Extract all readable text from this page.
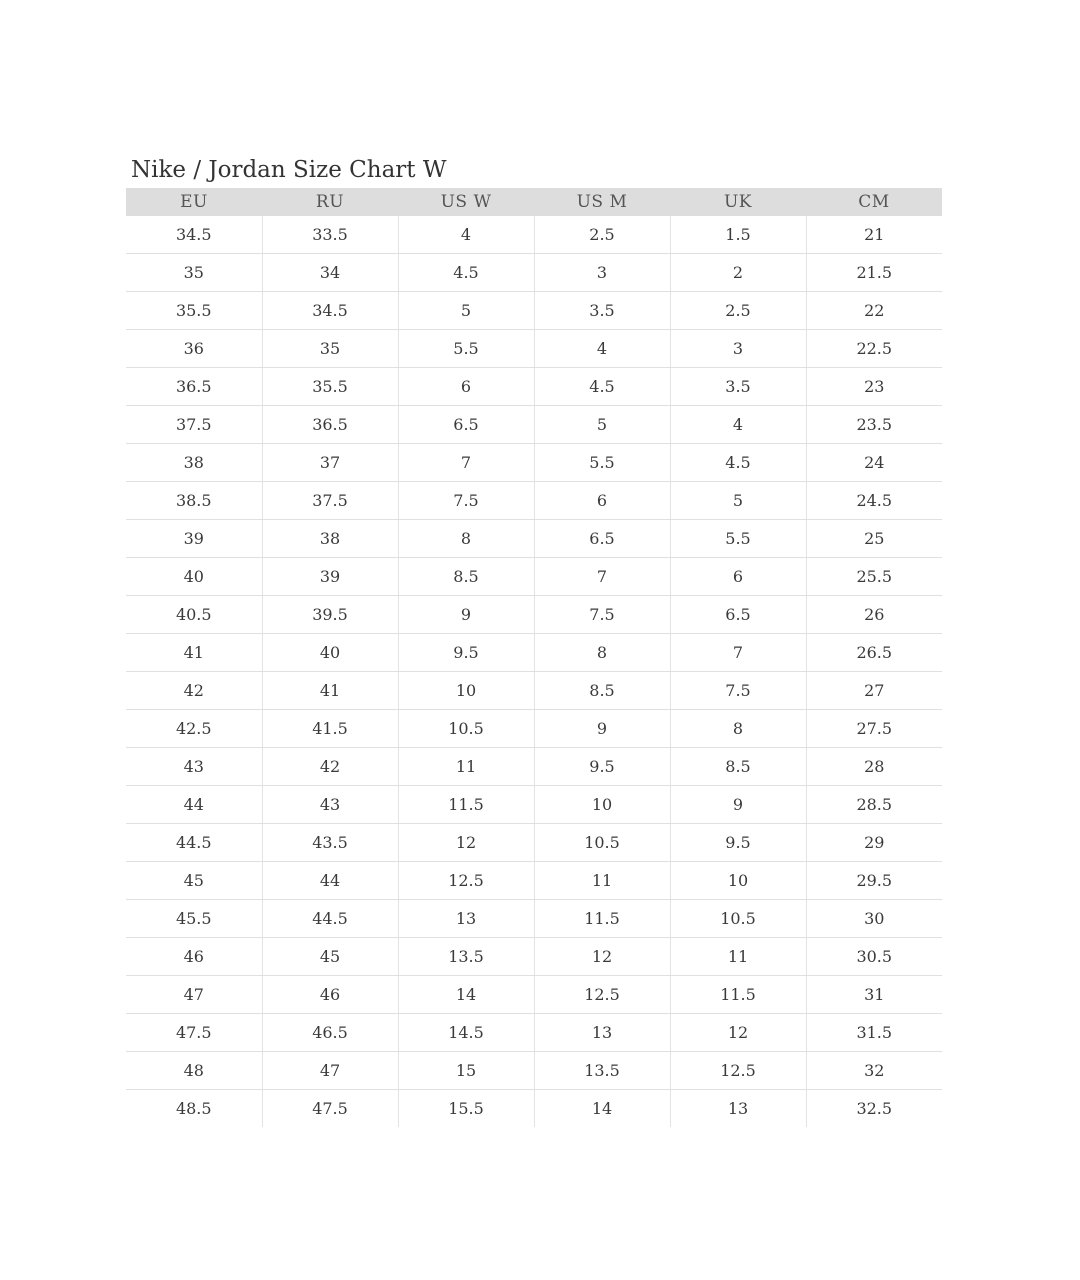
Nike / Jordan Size Chart W
EU	RU	US W	US M	UK	CM
34.5	33.5	4	2.5	1.5	21
35	34	4.5	3	2	21.5
35.5	34.5	5	3.5	2.5	22
36	35	5.5	4	3	22.5
36.5	35.5	6	4.5	3.5	23
37.5	36.5	6.5	5	4	23.5
38	37	7	5.5	4.5	24
38.5	37.5	7.5	6	5	24.5
39	38	8	6.5	5.5	25
40	39	8.5	7	6	25.5
40.5	39.5	9	7.5	6.5	26
41	40	9.5	8	7	26.5
42	41	10	8.5	7.5	27
42.5	41.5	10.5	9	8	27.5
43	42	11	9.5	8.5	28
44	43	11.5	10	9	28.5
44.5	43.5	12	10.5	9.5	29
45	44	12.5	11	10	29.5
45.5	44.5	13	11.5	10.5	30
46	45	13.5	12	11	30.5
47	46	14	12.5	11.5	31
47.5	46.5	14.5	13	12	31.5
48	47	15	13.5	12.5	32
48.5	47.5	15.5	14	13	32.5
